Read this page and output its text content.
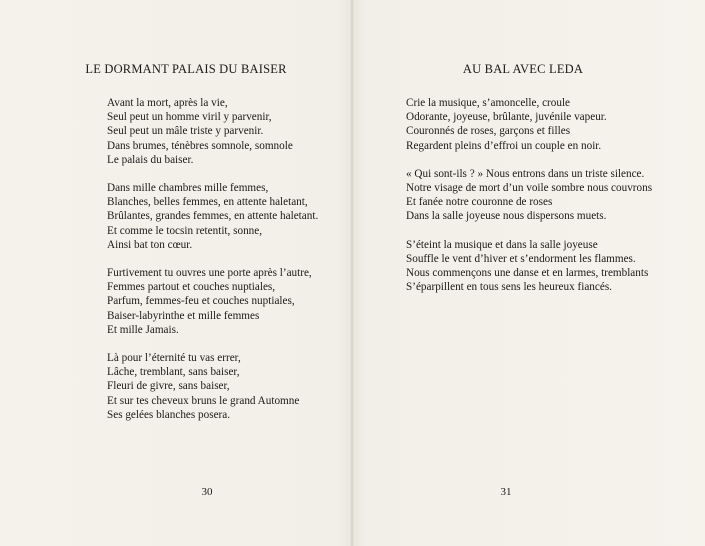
LE DORMANT PALAIS DU BAISER
Avant la mort, après la vie,
Seul peut un homme viril y parvenir,
Seul peut un mâle triste y parvenir.
Dans brumes, ténèbres somnole, somnole
Le palais du baiser.
Dans mille chambres mille femmes,
Blanches, belles femmes, en attente haletant,
Brûlantes, grandes femmes, en attente haletant.
Et comme le tocsin retentit, sonne,
Ainsi bat ton cœur.
Furtivement tu ouvres une porte après l’autre,
Femmes partout et couches nuptiales,
Parfum, femmes-feu et couches nuptiales,
Baiser-labyrinthe et mille femmes
Et mille Jamais.
Là pour l’éternité tu vas errer,
Lâche, tremblant, sans baiser,
Fleuri de givre, sans baiser,
Et sur tes cheveux bruns le grand Automne
Ses gelées blanches posera.
30
AU BAL AVEC LEDA
Crie la musique, s’amoncelle, croule
Odorante, joyeuse, brûlante, juvénile vapeur.
Couronnés de roses, garçons et filles
Regardent pleins d’effroi un couple en noir.
« Qui sont-ils ? » Nous entrons dans un triste silence.
Notre visage de mort d’un voile sombre nous couvrons
Et fanée notre couronne de roses
Dans la salle joyeuse nous dispersons muets.
S’éteint la musique et dans la salle joyeuse
Souffle le vent d’hiver et s’endorment les flammes.
Nous commençons une danse et en larmes, tremblants
S’éparpillent en tous sens les heureux fiancés.
31
